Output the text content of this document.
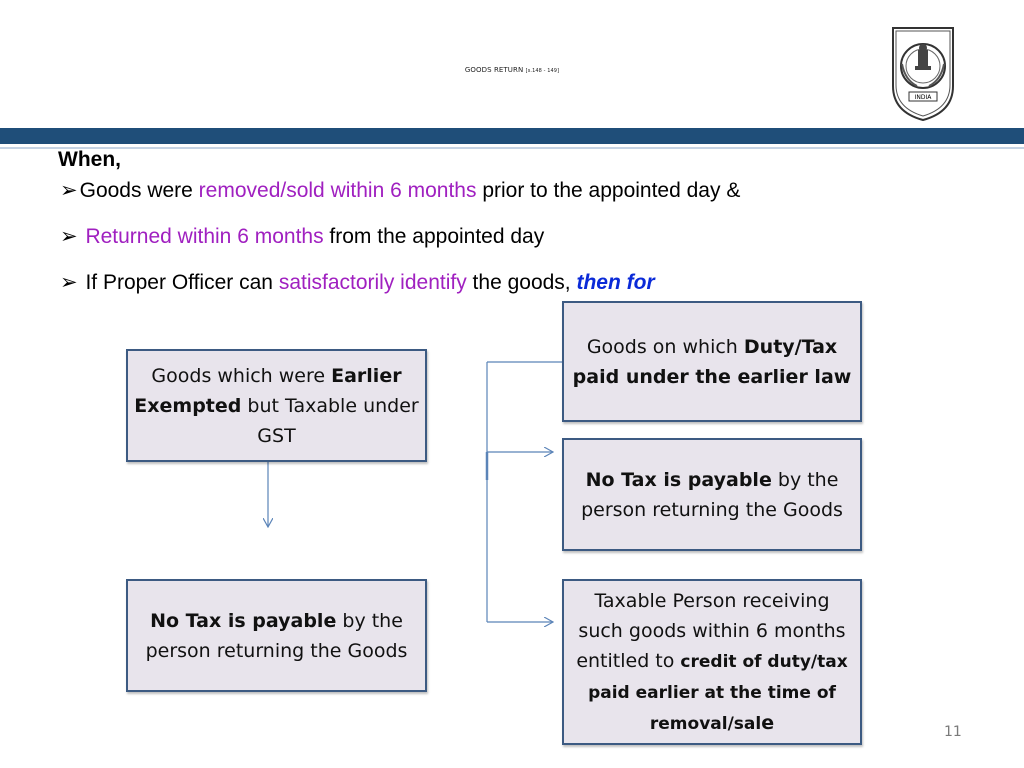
GOODS RETURN [s.148 - 149]
INDIA
When,
➢Goods were removed/sold within 6 months prior to the appointed day &
➢ Returned within 6 months from the appointed day
➢ If Proper Officer can satisfactorily identify the goods, then for
Goods which were Earlier Exempted but Taxable under GST
No Tax is payable by the person returning the Goods
Goods on which Duty/Tax paid under the earlier law
No Tax is payable by the person returning the Goods
Taxable Person receiving such goods within 6 months entitled to credit of duty/tax paid earlier at the time of removal/sale	11
